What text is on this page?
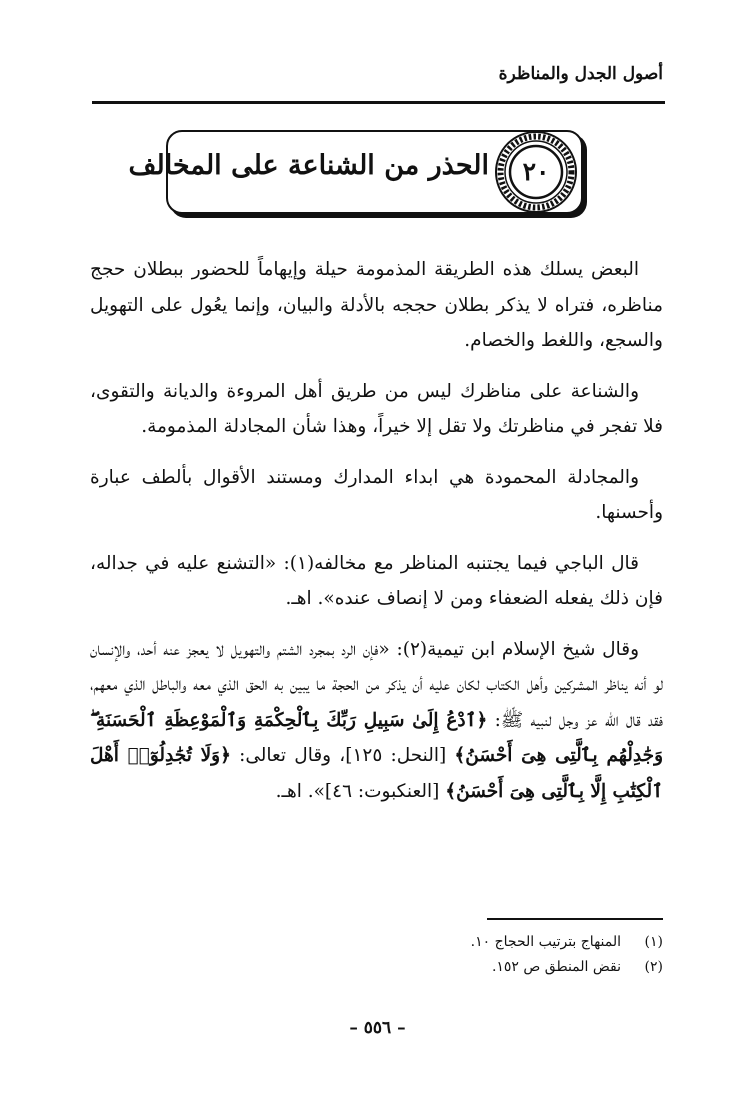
أصول الجدل والمناظرة
٢٠
الحذر من الشناعة على المخالف

البعض يسلك هذه الطريقة المذمومة حيلة وإيهاماً للحضور ببطلان حجج مناظره، فتراه لا يذكر بطلان حججه بالأدلة والبيان، وإنما يعُول على التهويل والسجع، واللغط والخصام.

والشناعة على مناظرك ليس من طريق أهل المروءة والديانة والتقوى، فلا تفجر في مناظرتك ولا تقل إلا خيراً، وهذا شأن المجادلة المذمومة.

والمجادلة المحمودة هي ابداء المدارك ومستند الأقوال بألطف عبارة وأحسنها.

قال الباجي فيما يجتنبه المناظر مع مخالفه(١): «التشنع عليه في جداله، فإن ذلك يفعله الضعفاء ومن لا إنصاف عنده». اهـ.

وقال شيخ الإسلام ابن تيمية(٢): «فإن الرد بمجرد الشتم والتهويل لا يعجز عنه أحد، والإنسان لو أنه يناظر المشركين وأهل الكتاب لكان عليه أن يذكر من الحجة ما يبين به الحق الذي معه والباطل الذي معهم، فقد قال الله عز وجل لنبيه ﷺ: ﴿ٱدْعُ إِلَىٰ سَبِيلِ رَبِّكَ بِٱلْحِكْمَةِ وَٱلْمَوْعِظَةِ ٱلْحَسَنَةِ ۖ وَجَٰدِلْهُم بِٱلَّتِى هِىَ أَحْسَنُ﴾ [النحل: ١٢٥]، وقال تعالى: ﴿وَلَا تُجَٰدِلُوٓا۟ أَهْلَ ٱلْكِتَٰبِ إِلَّا بِٱلَّتِى هِىَ أَحْسَنُ﴾ [العنكبوت: ٤٦]». اهـ.

(١)المنهاج بترتيب الحجاج ١٠.

(٢)نقض المنطق ص ١٥٢.

– ٥٥٦ –
